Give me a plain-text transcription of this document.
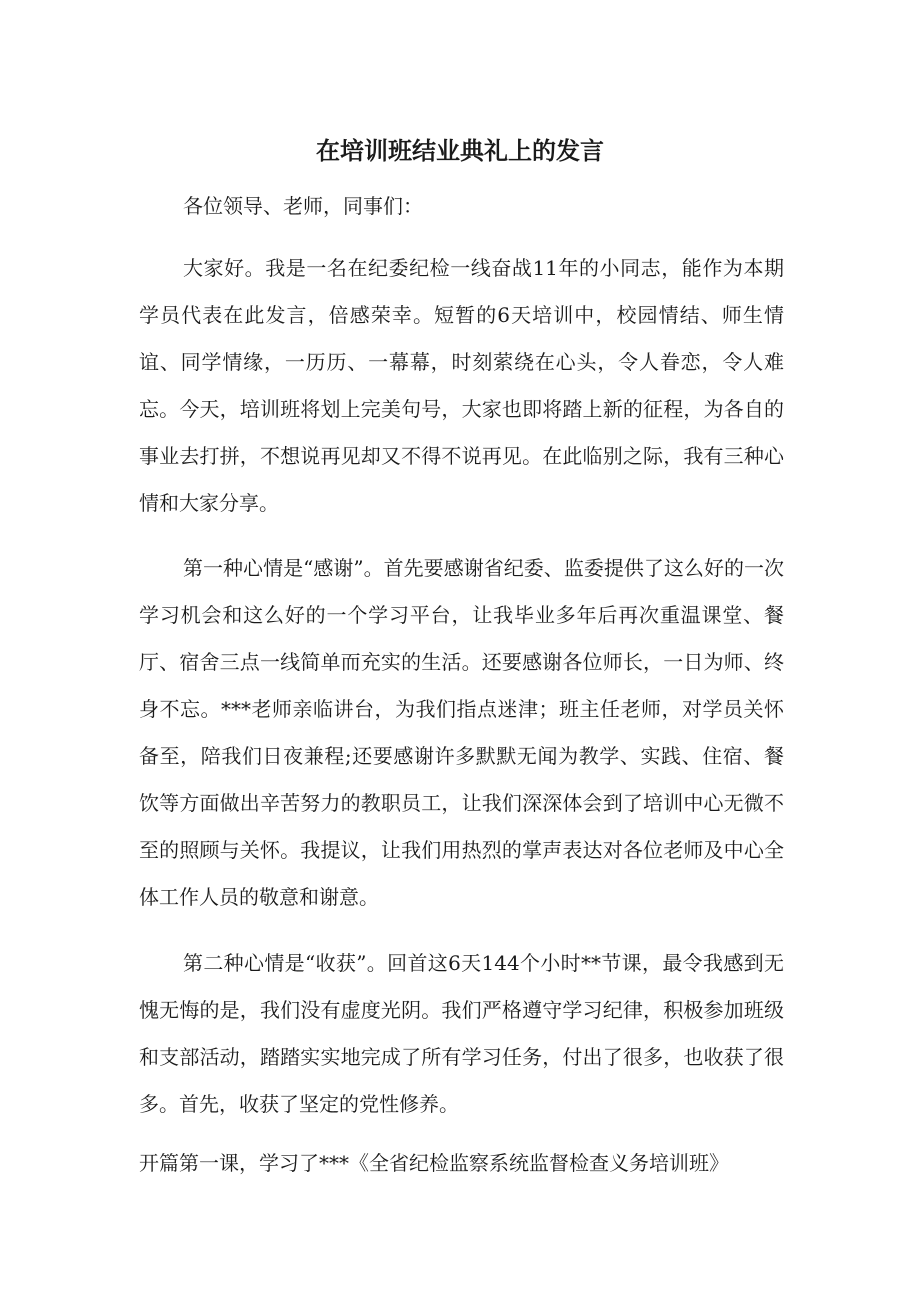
在培训班结业典礼上的发言

各位领导、老师，同事们：

大家好。我是一名在纪委纪检一线奋战11年的小同志，能作为本期学员代表在此发言，倍感荣幸。短暂的6天培训中，校园情结、师生情谊、同学情缘，一历历、一幕幕，时刻萦绕在心头，令人眷恋，令人难忘。今天，培训班将划上完美句号，大家也即将踏上新的征程，为各自的事业去打拼，不想说再见却又不得不说再见。在此临别之际，我有三种心情和大家分享。

第一种心情是“感谢”。首先要感谢省纪委、监委提供了这么好的一次学习机会和这么好的一个学习平台，让我毕业多年后再次重温课堂、餐厅、宿舍三点一线简单而充实的生活。还要感谢各位师长，一日为师、终身不忘。***老师亲临讲台，为我们指点迷津；班主任老师，对学员关怀备至，陪我们日夜兼程;还要感谢许多默默无闻为教学、实践、住宿、餐饮等方面做出辛苦努力的教职员工，让我们深深体会到了培训中心无微不至的照顾与关怀。我提议，让我们用热烈的掌声表达对各位老师及中心全体工作人员的敬意和谢意。

第二种心情是“收获”。回首这6天144个小时**节课，最令我感到无愧无悔的是，我们没有虚度光阴。我们严格遵守学习纪律，积极参加班级和支部活动，踏踏实实地完成了所有学习任务，付出了很多，也收获了很多。首先，收获了坚定的党性修养。

开篇第一课，学习了***《全省纪检监察系统监督检查义务培训班》
